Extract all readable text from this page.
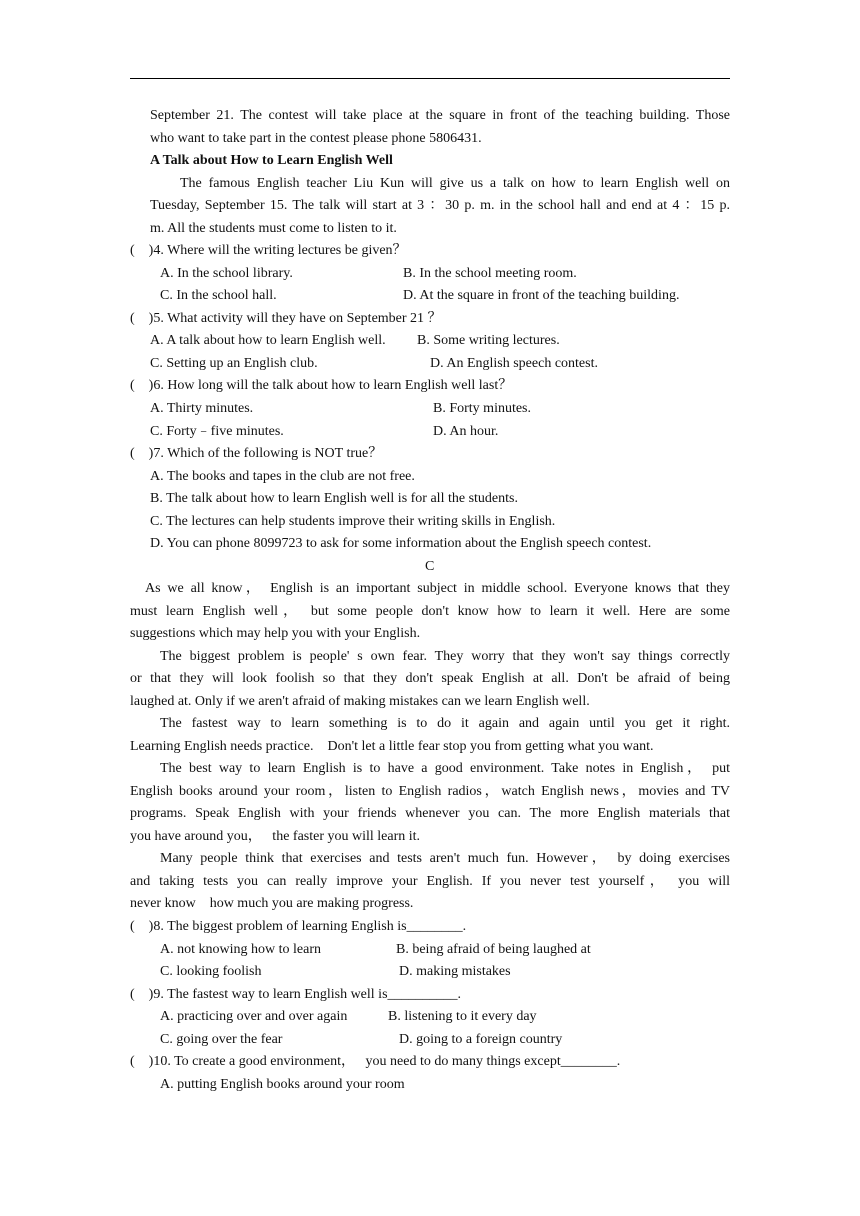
September 21. The contest will take place at the square in front of the teaching building. Those
who want to take part in the contest please phone 5806431.
A Talk about How to Learn English Well
The famous English teacher Liu Kun will give us a talk on how to learn English well on
Tuesday, September 15. The talk will start at 3 ：30 p. m. in the school hall and end at 4 ：15 p.
m. All the students must come to listen to it.
(    )4. Where will the writing lectures be given？
A. In the school library.	B. In the school meeting room.
C. In the school hall.	D. At the square in front of the teaching building.
(    )5. What activity will they have on September 21 ？
A. A talk about how to learn English well. B. Some writing lectures.
C. Setting up an English club.	D. An English speech contest.
(    )6. How long will the talk about how to learn English well last？
A. Thirty minutes.	B. Forty minutes.
C. Forty﹣five minutes.	D. An hour.
(    )7. Which of the following is NOT true？
A. The books and tapes in the club are not free.
B. The talk about how to learn English well is for all the students.
C. The lectures can help students improve their writing skills in English.
D. You can phone 8099723 to ask for some information about the English speech contest.
C
As we all know， English is an important subject in middle school. Everyone knows that they
must learn English well， but some people don't know how to learn it well. Here are some
suggestions which may help you with your English.
The biggest problem is people' s own fear. They worry that they won't say things correctly
or that they will look foolish so that they don't speak English at all. Don't be afraid of being
laughed at. Only if we aren't afraid of making mistakes can we learn English well.
The fastest way to learn something is to do it again and again until you get it right.
Learning English needs practice.    Don't let a little fear stop you from getting what you want.
The best way to learn English is to have a good environment. Take notes in English， put
English books around your room，listen to English radios，watch English news，movies and TV
programs. Speak English with your friends whenever you can. The more English materials that
you have around you，   the faster you will learn it.
Many people think that exercises and tests aren't much fun. However， by doing exercises
and taking tests you can really improve your English. If you never test yourself， you will
never know    how much you are making progress.
(    )8. The biggest problem of learning English is________.
A. not knowing how to learn	B. being afraid of being laughed at
C. looking foolish	D. making mistakes
(    )9. The fastest way to learn English well is__________.
A. practicing over and over again	B. listening to it every day
C. going over the fear	D. going to a foreign country
(    )10. To create a good environment，   you need to do many things except________.
A. putting English books around your room
